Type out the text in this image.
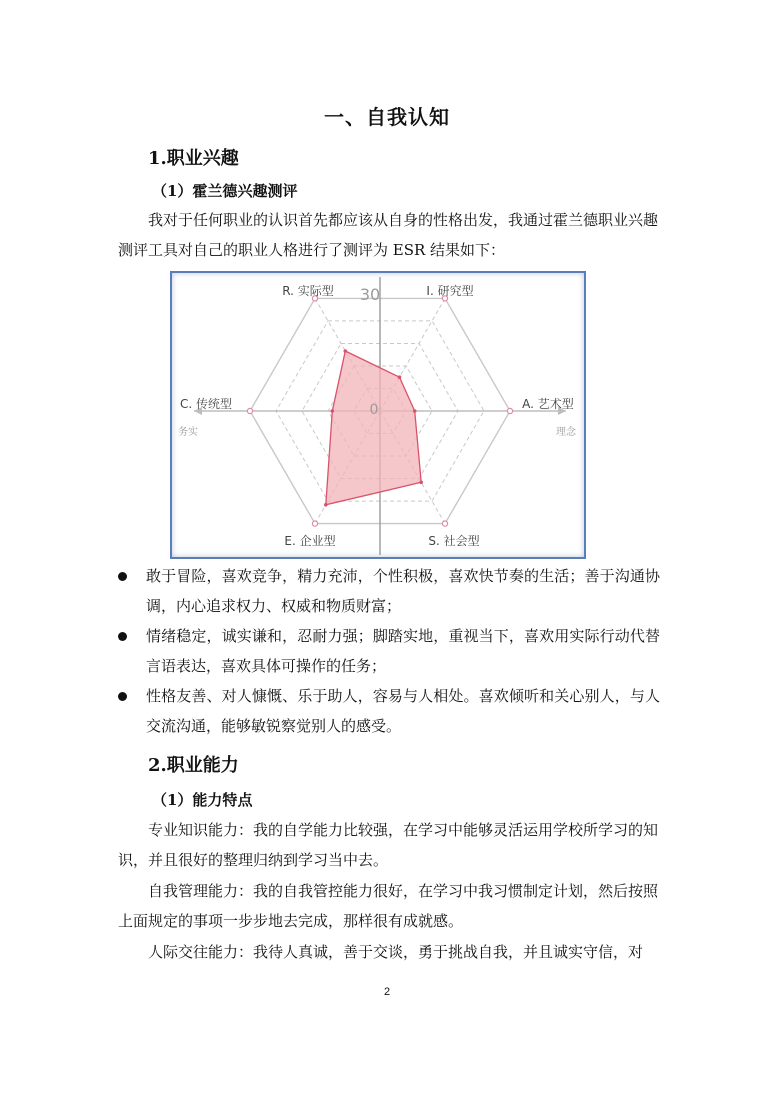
一、自我认知
1.职业兴趣
（1）霍兰德兴趣测评

我对于任何职业的认识首先都应该从自身的性格出发，我通过霍兰德职业兴趣测评工具对自己的职业人格进行了测评为 ESR 结果如下：

R. 实际型	I. 研究型
A. 艺术型
S. 社会型
E. 企业型
C. 传统型
30
0
务实	理念
敢于冒险，喜欢竞争，精力充沛，个性积极，喜欢快节奏的生活；善于沟通协调，内心追求权力、权威和物质财富；
情绪稳定，诚实谦和，忍耐力强；脚踏实地，重视当下，喜欢用实际行动代替言语表达，喜欢具体可操作的任务；
性格友善、对人慷慨、乐于助人，容易与人相处。喜欢倾听和关心别人，与人交流沟通，能够敏锐察觉别人的感受。
2.职业能力
（1）能力特点

专业知识能力：我的自学能力比较强，在学习中能够灵活运用学校所学习的知识，并且很好的整理归纳到学习当中去。

自我管理能力：我的自我管控能力很好，在学习中我习惯制定计划，然后按照上面规定的事项一步步地去完成，那样很有成就感。

人际交往能力：我待人真诚，善于交谈，勇于挑战自我，并且诚实守信，对

2
